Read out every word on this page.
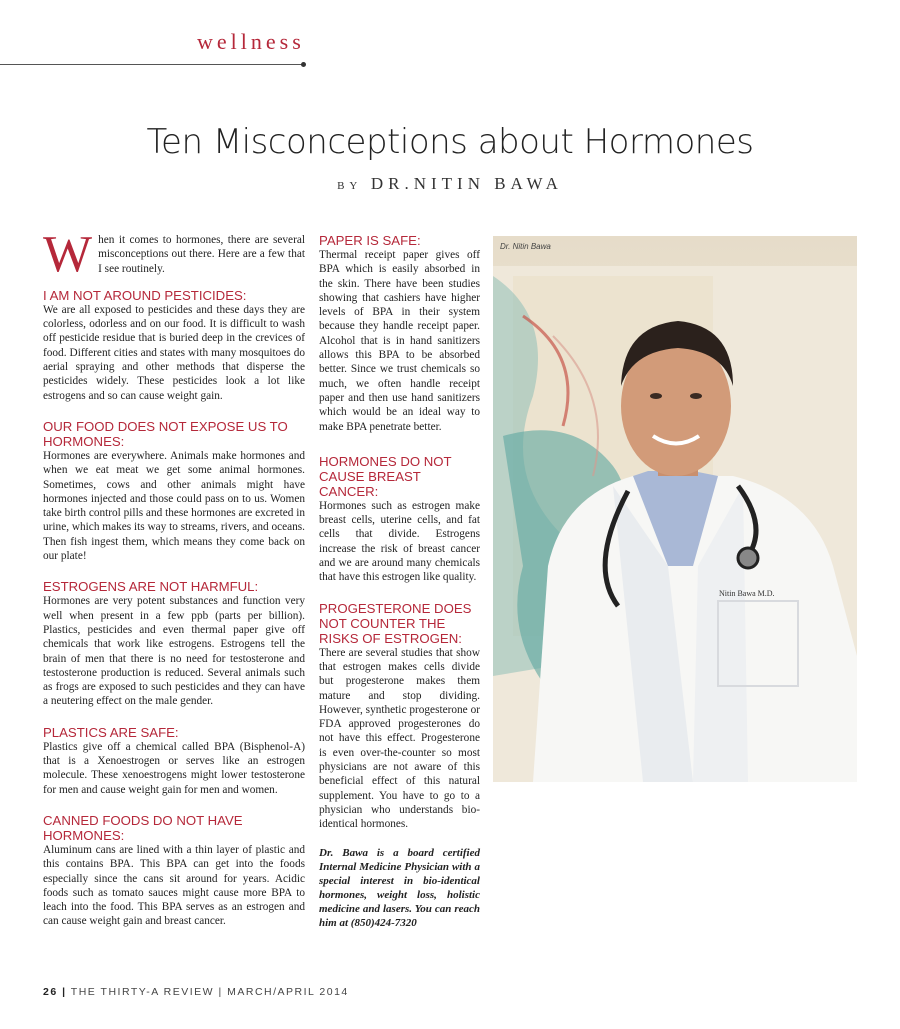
wellness
Ten Misconceptions about Hormones
BY DR.NITIN BAWA

When it comes to hormones, there are several misconceptions out there. Here are a few that I see routinely.

I AM NOT AROUND PESTICIDES:

We are all exposed to pesticides and these days they are colorless, odorless and on our food. It is difficult to wash off pesticide residue that is buried deep in the crevices of food. Different cities and states with many mosquitoes do aerial spraying and other methods that disperse the pesticides widely. These pesticides look a lot like estrogens and so can cause weight gain.

OUR FOOD DOES NOT EXPOSE US TO HORMONES:

Hormones are everywhere. Animals make hormones and when we eat meat we get some animal hormones. Sometimes, cows and other animals might have hormones injected and those could pass on to us. Women take birth control pills and these hormones are excreted in urine, which makes its way to streams, rivers, and oceans. Then fish ingest them, which means they come back on our plate!

ESTROGENS ARE NOT HARMFUL:

Hormones are very potent substances and function very well when present in a few ppb (parts per billion). Plastics, pesticides and even thermal paper give off chemicals that work like estrogens. Estrogens tell the brain of men that there is no need for testosterone and testosterone production is reduced. Several animals such as frogs are exposed to such pesticides and they can have a neutering effect on the male gender.

PLASTICS ARE SAFE:

Plastics give off a chemical called BPA (Bisphenol-A) that is a Xenoestrogen or serves like an estrogen molecule. These xenoestrogens might lower testosterone for men and cause weight gain for men and women.

CANNED FOODS DO NOT HAVE HORMONES:

Aluminum cans are lined with a thin layer of plastic and this contains BPA. This BPA can get into the foods especially since the cans sit around for years. Acidic foods such as tomato sauces might cause more BPA to leach into the food. This BPA serves as an estrogen and can cause weight gain and breast cancer.

PAPER IS SAFE:

Thermal receipt paper gives off BPA which is easily absorbed in the skin. There have been studies showing that cashiers have higher levels of BPA in their system because they handle receipt paper. Alcohol that is in hand sanitizers allows this BPA to be absorbed better. Since we trust chemicals so much, we often handle receipt paper and then use hand sanitizers which would be an ideal way to make BPA penetrate better.

HORMONES DO NOT CAUSE BREAST CANCER:

Hormones such as estrogen make breast cells, uterine cells, and fat cells that divide. Estrogens increase the risk of breast cancer and we are around many chemicals that have this estrogen like quality.

PROGESTERONE DOES NOT COUNTER THE RISKS OF ESTROGEN:

There are several studies that show that estrogen makes cells divide but progesterone makes them mature and stop dividing. However, synthetic progesterone or FDA approved progesterones do not have this effect. Progesterone is even over-the-counter so most physicians are not aware of this beneficial effect of this natural supplement. You have to go to a physician who understands bio-identical hormones.

Dr. Bawa is a board certified Internal Medicine Physician with a special interest in bio-identical hormones, weight loss, holistic medicine and lasers. You can reach him at (850)424-7320

Nitin Bawa M.D.
Dr. Nitin Bawa
26 | THE THIRTY-A REVIEW | MARCH/APRIL 2014
